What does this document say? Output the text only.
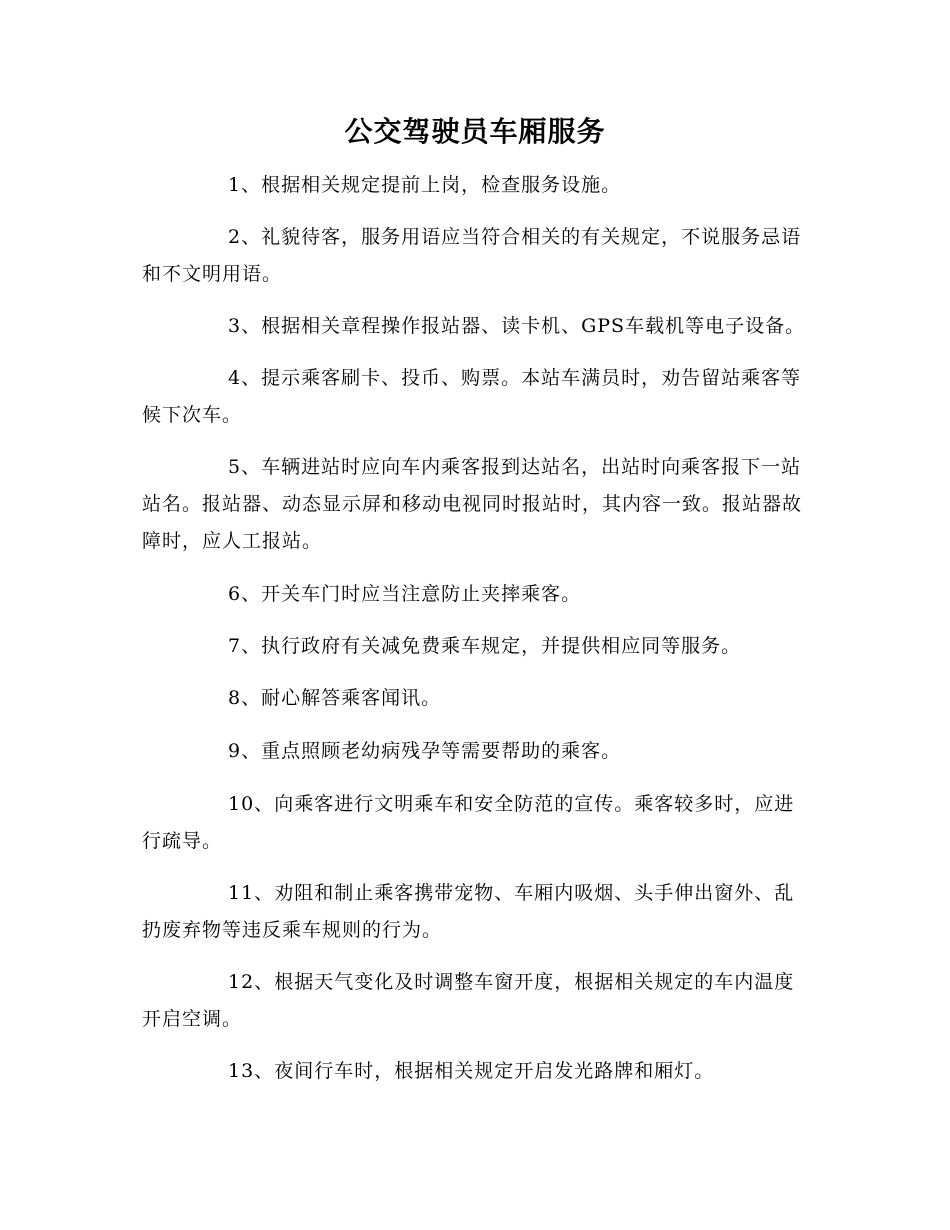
公交驾驶员车厢服务
1、根据相关规定提前上岗，检查服务设施。
2、礼貌待客，服务用语应当符合相关的有关规定，不说服务忌语和不文明用语。
3、根据相关章程操作报站器、读卡机、GPS车载机等电子设备。
4、提示乘客刷卡、投币、购票。本站车满员时，劝告留站乘客等候下次车。
5、车辆进站时应向车内乘客报到达站名，出站时向乘客报下一站站名。报站器、动态显示屏和移动电视同时报站时，其内容一致。报站器故障时，应人工报站。
6、开关车门时应当注意防止夹摔乘客。
7、执行政府有关减免费乘车规定，并提供相应同等服务。
8、耐心解答乘客闻讯。
9、重点照顾老幼病残孕等需要帮助的乘客。
10、向乘客进行文明乘车和安全防范的宣传。乘客较多时，应进行疏导。
11、劝阻和制止乘客携带宠物、车厢内吸烟、头手伸出窗外、乱扔废弃物等违反乘车规则的行为。
12、根据天气变化及时调整车窗开度，根据相关规定的车内温度开启空调。
13、夜间行车时，根据相关规定开启发光路牌和厢灯。
